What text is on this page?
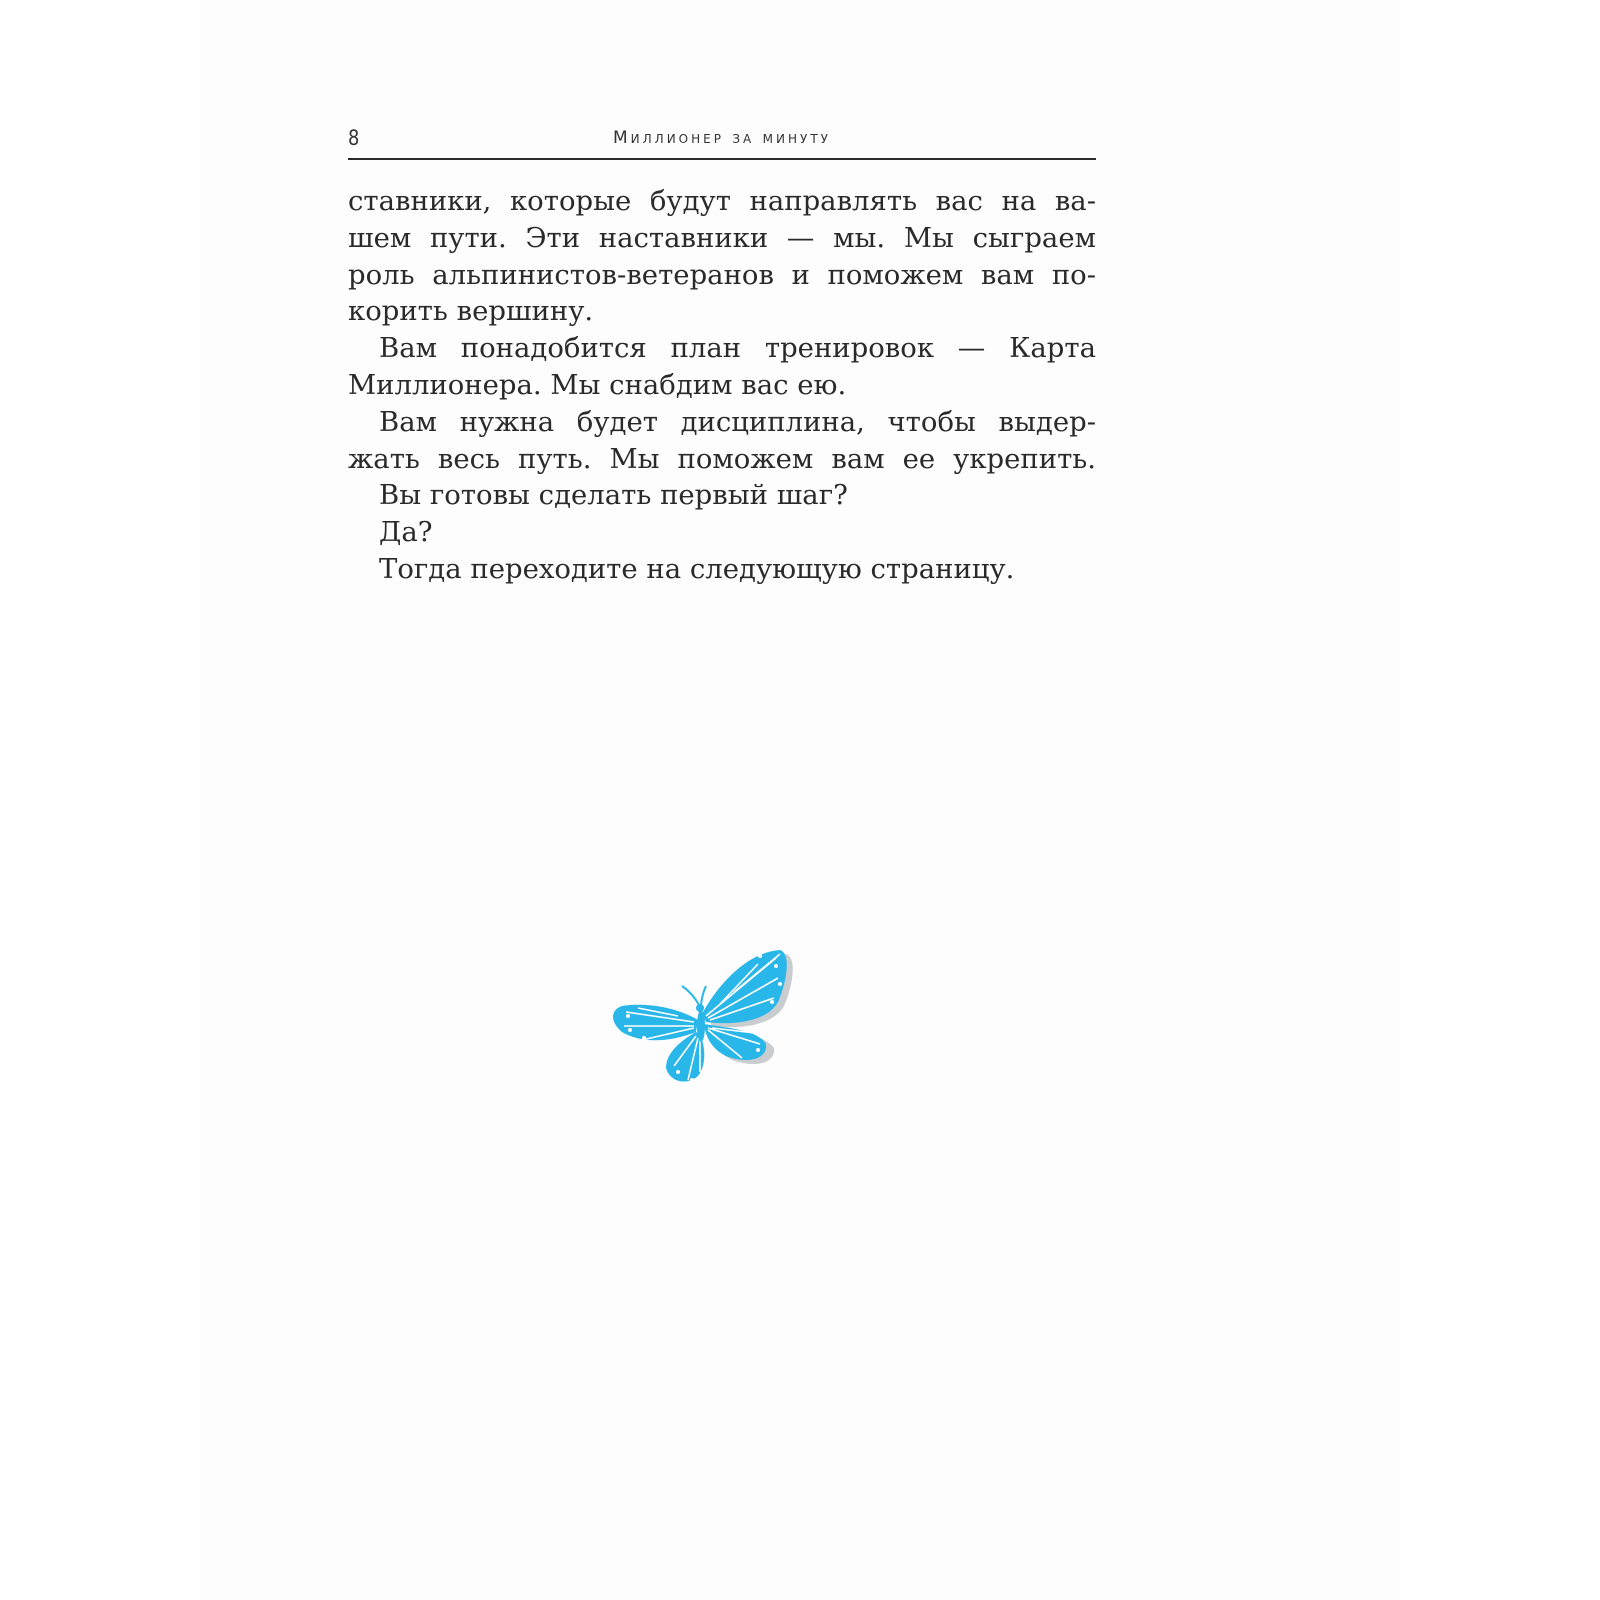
8	Миллионер за минуту

ставники, которые будут направлять вас на ва-

шем пути. Эти наставники — мы. Мы сыграем

роль альпинистов-ветеранов и поможем вам по-

корить вершину.

Вам понадобится план тренировок — Карта

Миллионера. Мы снабдим вас ею.

Вам нужна будет дисциплина, чтобы выдер-

жать весь путь. Мы поможем вам ее укрепить.

Вы готовы сделать первый шаг?

Да?

Тогда переходите на следующую страницу.
